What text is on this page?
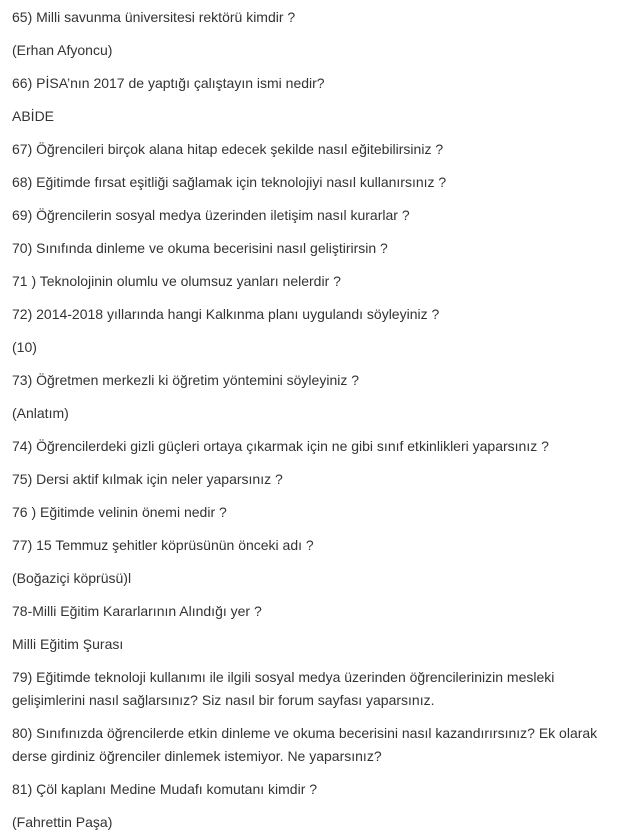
65) Milli savunma üniversitesi rektörü kimdir ?
(Erhan Afyoncu)
66) PİSA’nın 2017 de yaptığı çalıştayın ismi nedir?
ABİDE
67) Öğrencileri birçok alana hitap edecek şekilde nasıl eğitebilirsiniz ?
68) Eğitimde fırsat eşitliği sağlamak için teknolojiyi nasıl kullanırsınız ?
69) Öğrencilerin sosyal medya üzerinden iletişim nasıl kurarlar ?
70) Sınıfında dinleme ve okuma becerisini nasıl geliştirirsin ?
71 ) Teknolojinin olumlu ve olumsuz yanları nelerdir ?
72) 2014-2018 yıllarında hangi Kalkınma planı uygulandı söyleyiniz ?
(10)
73) Öğretmen merkezli ki öğretim yöntemini söyleyiniz ?
(Anlatım)
74) Öğrencilerdeki gizli güçleri ortaya çıkarmak için ne gibi sınıf etkinlikleri yaparsınız ?
75) Dersi aktif kılmak için neler yaparsınız ?
76 ) Eğitimde velinin önemi nedir ?
77) 15 Temmuz şehitler köprüsünün önceki adı ?
(Boğaziçi köprüsü)l
78-Milli Eğitim Kararlarının Alındığı yer ?
Milli Eğitim Şurası
79) Eğitimde teknoloji kullanımı ile ilgili sosyal medya üzerinden öğrencilerinizin mesleki gelişimlerini nasıl sağlarsınız? Siz nasıl bir forum sayfası yaparsınız.
80) Sınıfınızda öğrencilerde etkin dinleme ve okuma becerisini nasıl kazandırırsınız? Ek olarak derse girdiniz öğrenciler dinlemek istemiyor. Ne yaparsınız?
81) Çöl kaplanı Medine Mudafı komutanı kimdir ?
(Fahrettin Paşa)
